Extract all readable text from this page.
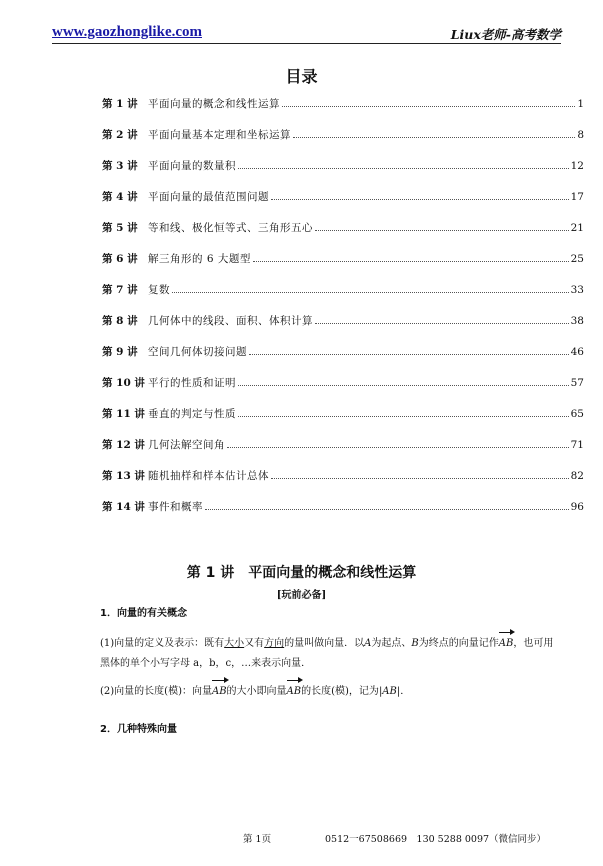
www.gaozhonglike.com	Liux老师-高考数学
目录
第 1 讲 平面向量的概念和线性运算	1
第 2 讲 平面向量基本定理和坐标运算	8
第 3 讲 平面向量的数量积	12
第 4 讲 平面向量的最值范围问题	17
第 5 讲 等和线、极化恒等式、三角形五心	21
第 6 讲 解三角形的 6 大题型	25
第 7 讲 复数	33
第 8 讲 几何体中的线段、面积、体积计算	38
第 9 讲 空间几何体切接问题	46
第 10 讲 平行的性质和证明	57
第 11 讲 垂直的判定与性质	65
第 12 讲 几何法解空间角	71
第 13 讲 随机抽样和样本估计总体	82
第 14 讲 事件和概率	96
第 1 讲　平面向量的概念和线性运算
[玩前必备]
1．向量的有关概念
(1)向量的定义及表示：既有大小又有方向的量叫做向量．以A为起点、B为终点的向量记作AB，也可用
黑体的单个小写字母 a，b，c，…来表示向量．
(2)向量的长度(模)：向量AB的大小即向量AB的长度(模)，记为|AB|．
2．几种特殊向量
第 1页	0512一67508669　130 5288 0097（微信同步）
